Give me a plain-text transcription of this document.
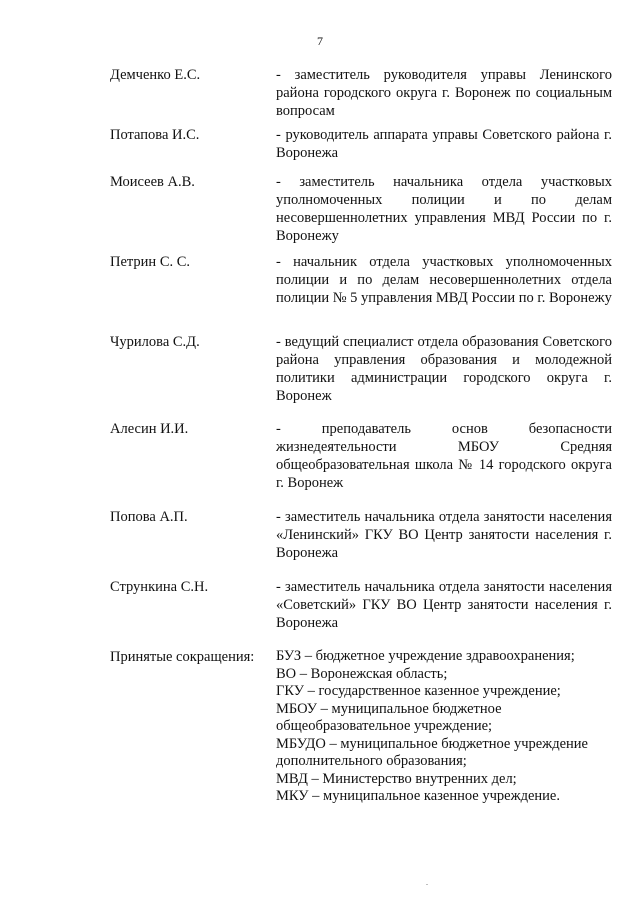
7
Демченко Е.С.	- заместитель руководителя управы Ленинского района городского округа г. Воронеж по социальным вопросам
Потапова И.С.	- руководитель аппарата управы Советского района г. Воронежа
Моисеев А.В.	- заместитель начальника отдела участковых уполномоченных полиции и по делам несовершеннолетних управления МВД России по г. Воронежу
Петрин С. С.	- начальник отдела участковых уполномоченных полиции и по делам несовершеннолетних отдела полиции № 5 управления МВД России по г. Воронежу
Чурилова С.Д.	- ведущий специалист отдела образования Советского района управления образования и молодежной политики администрации городского округа г. Воронеж
Алесин И.И.	- преподаватель основ безопасности жизнедеятельности МБОУ Средняя общеобразовательная школа № 14 городского округа г. Воронеж
Попова А.П.	- заместитель начальника отдела занятости населения «Ленинский» ГКУ ВО Центр занятости населения г. Воронежа
Стрункина С.Н.	- заместитель начальника отдела занятости населения «Советский» ГКУ ВО Центр занятости населения г. Воронежа
Принятые сокращения: БУЗ – бюджетное учреждение здравоохранения;
ВО – Воронежская область;
ГКУ – государственное казенное учреждение;
МБОУ – муниципальное бюджетное
общеобразовательное учреждение;
МБУДО – муниципальное бюджетное учреждение
дополнительного образования;
МВД – Министерство внутренних дел;
МКУ – муниципальное казенное учреждение.
.
